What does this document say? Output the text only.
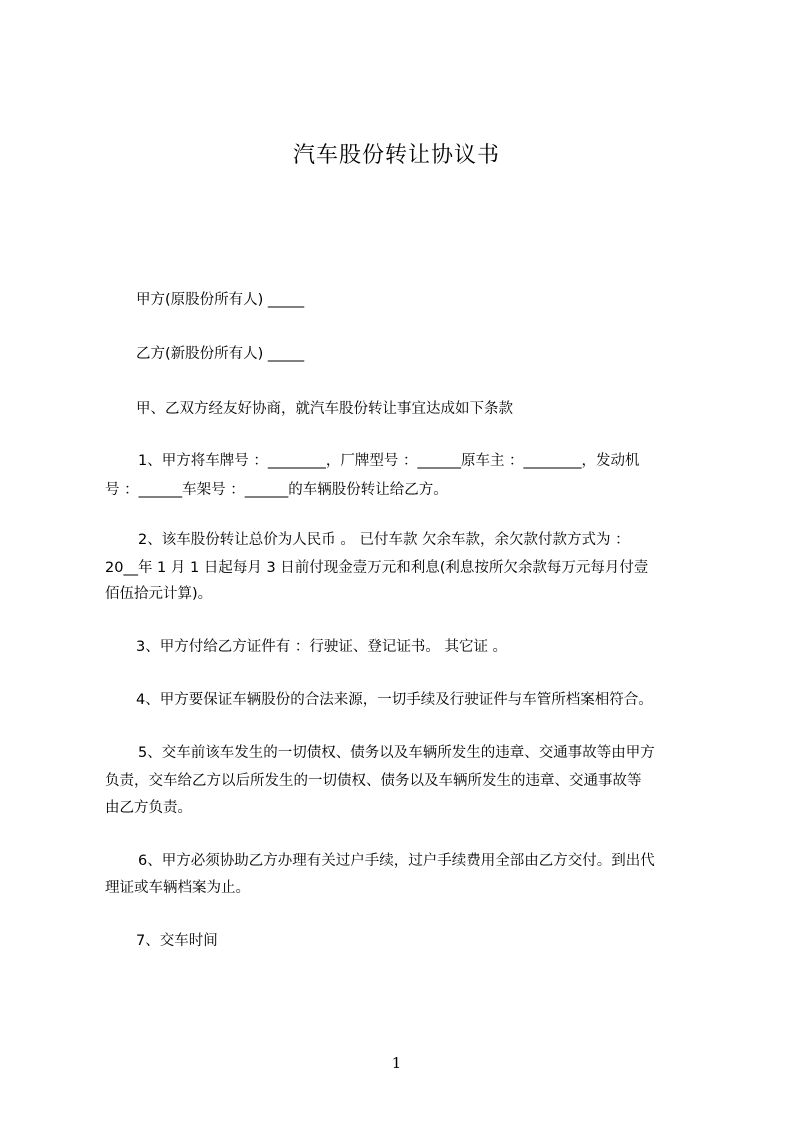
汽车股份转让协议书
甲方(原股份所有人) _____
乙方(新股份所有人) _____
甲、乙双方经友好协商，就汽车股份转让事宜达成如下条款
1、甲方将车牌号 ：________，厂牌型号 ：______原车主 ：________，发动机
号 ：______车架号 ：______的车辆股份转让给乙方。
2、该车股份转让总价为人民币 。 已付车款 欠余车款，余欠款付款方式为 ：
20__年 1 月 1 日起每月 3 日前付现金壹万元和利息(利息按所欠余款每万元每月付壹
佰伍拾元计算)。
3、甲方付给乙方证件有 ：行驶证、登记证书。 其它证 。
4、甲方要保证车辆股份的合法来源，一切手续及行驶证件与车管所档案相符合。
5、交车前该车发生的一切债权、债务以及车辆所发生的违章、交通事故等由甲方
负责，交车给乙方以后所发生的一切债权、债务以及车辆所发生的违章、交通事故等
由乙方负责。
6、甲方必须协助乙方办理有关过户手续，过户手续费用全部由乙方交付。到出代
理证或车辆档案为止。
7、交车时间
1
